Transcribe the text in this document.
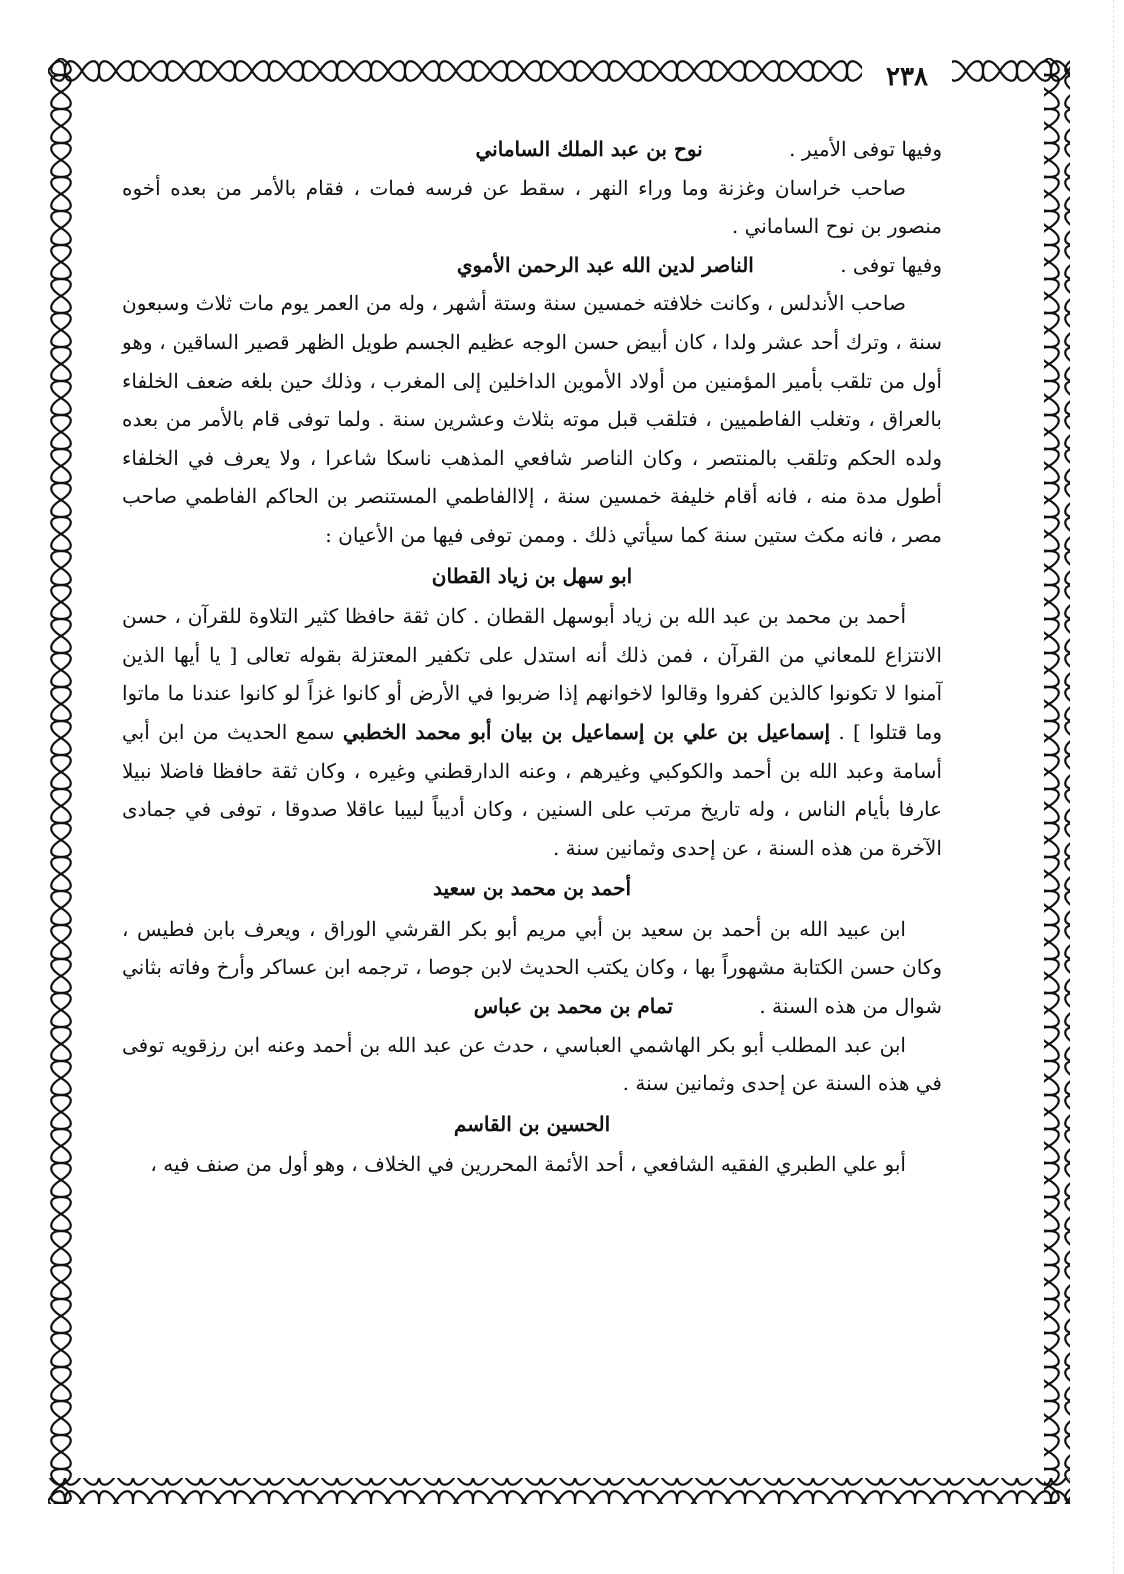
٢٣٨

وفيها توفى الأمير . نوح بن عبد الملك الساماني

صاحب خراسان وغزنة وما وراء النهر ، سقط عن فرسه فمات ، فقام بالأمر من بعده أخوه منصور بن نوح الساماني .

وفيها توفى . الناصر لدين الله عبد الرحمن الأموي

صاحب الأندلس ، وكانت خلافته خمسين سنة وستة أشهر ، وله من العمر يوم مات ثلاث وسبعون سنة ، وترك أحد عشر ولدا ، كان أبيض حسن الوجه عظيم الجسم طويل الظهر قصير الساقين ، وهو أول من تلقب بأمير المؤمنين من أولاد الأموين الداخلين إلى المغرب ، وذلك حين بلغه ضعف الخلفاء بالعراق ، وتغلب الفاطميين ، فتلقب قبل موته بثلاث وعشرين سنة . ولما توفى قام بالأمر من بعده ولده الحكم وتلقب بالمنتصر ، وكان الناصر شافعي المذهب ناسكا شاعرا ، ولا يعرف في الخلفاء أطول مدة منه ، فانه أقام خليفة خمسين سنة ، إلاالفاطمي المستنصر بن الحاكم الفاطمي صاحب مصر ، فانه مكث ستين سنة كما سيأتي ذلك . وممن توفى فيها من الأعيان :

ابو سهل بن زياد القطان

أحمد بن محمد بن عبد الله بن زياد أبوسهل القطان . كان ثقة حافظا كثير التلاوة للقرآن ، حسن الانتزاع للمعاني من القرآن ، فمن ذلك أنه استدل على تكفير المعتزلة بقوله تعالى [ يا أيها الذين آمنوا لا تكونوا كالذين كفروا وقالوا لاخوانهم إذا ضربوا في الأرض أو كانوا غزاً لو كانوا عندنا ما ماتوا وما قتلوا ] . إسماعيل بن علي بن إسماعيل بن بيان أبو محمد الخطبي سمع الحديث من ابن أبي أسامة وعبد الله بن أحمد والكوكبي وغيرهم ، وعنه الدارقطني وغيره ، وكان ثقة حافظا فاضلا نبيلا عارفا بأيام الناس ، وله تاريخ مرتب على السنين ، وكان أديباً لبيبا عاقلا صدوقا ، توفى في جمادى الآخرة من هذه السنة ، عن إحدى وثمانين سنة .

أحمد بن محمد بن سعيد

ابن عبيد الله بن أحمد بن سعيد بن أبي مريم أبو بكر القرشي الوراق ، ويعرف بابن فطيس ، وكان حسن الكتابة مشهوراً بها ، وكان يكتب الحديث لابن جوصا ، ترجمه ابن عساكر وأرخ وفاته بثاني شوال من هذه السنة . تمام بن محمد بن عباس

ابن عبد المطلب أبو بكر الهاشمي العباسي ، حدث عن عبد الله بن أحمد وعنه ابن رزقويه توفى في هذه السنة عن إحدى وثمانين سنة .

الحسين بن القاسم

أبو علي الطبري الفقيه الشافعي ، أحد الأئمة المحررين في الخلاف ، وهو أول من صنف فيه ،
